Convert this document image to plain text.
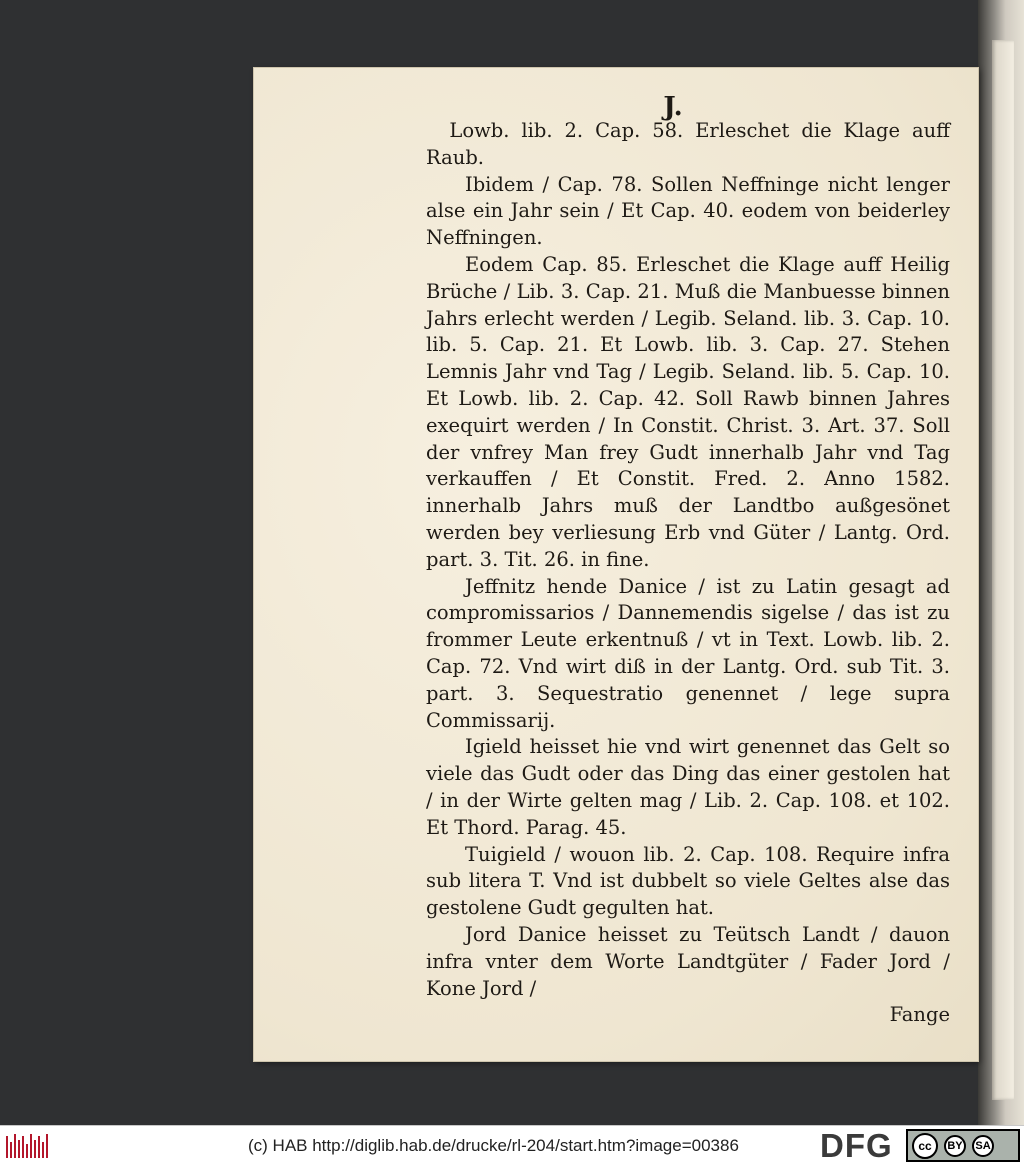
J.

Lowb. lib. 2. Cap. 58. Erleschet die Klage auff Raub.

Ibidem / Cap. 78. Sollen Neffninge nicht lenger alse ein Jahr sein / Et Cap. 40. eodem von beiderley Neffningen.

Eodem Cap. 85. Erleschet die Klage auff Heilig Brüche / Lib. 3. Cap. 21. Muß die Manbuesse binnen Jahrs erlecht werden / Legib. Seland. lib. 3. Cap. 10. lib. 5. Cap. 21. Et Lowb. lib. 3. Cap. 27. Stehen Lemnis Jahr vnd Tag / Legib. Seland. lib. 5. Cap. 10. Et Lowb. lib. 2. Cap. 42. Soll Rawb binnen Jahres exequirt werden / In Constit. Christ. 3. Art. 37. Soll der vnfrey Man frey Gudt innerhalb Jahr vnd Tag verkauffen / Et Constit. Fred. 2. Anno 1582. innerhalb Jahrs muß der Landtbo außgesönet werden bey verliesung Erb vnd Güter / Lantg. Ord. part. 3. Tit. 26. in fine.

Jeffnitz hende Danice / ist zu Latin gesagt ad compromissarios / Dannemendis sigelse / das ist zu frommer Leute erkentnuß / vt in Text. Lowb. lib. 2. Cap. 72. Vnd wirt diß in der Lantg. Ord. sub Tit. 3. part. 3. Sequestratio genennet / lege supra Commissarij.

Igield heisset hie vnd wirt genennet das Gelt so viele das Gudt oder das Ding das einer gestolen hat / in der Wirte gelten mag / Lib. 2. Cap. 108. et 102. Et Thord. Parag. 45.

Tuigield / wouon lib. 2. Cap. 108. Require infra sub litera T. Vnd ist dubbelt so viele Geltes alse das gestolene Gudt gegulten hat.

Jord Danice heisset zu Teütsch Landt / dauon infra vnter dem Worte Landtgüter / Fader Jord / Kone Jord /

Fange
(c) HAB http://diglib.hab.de/drucke/rl-204/start.htm?image=00386 DFG	cc	BY	SA
